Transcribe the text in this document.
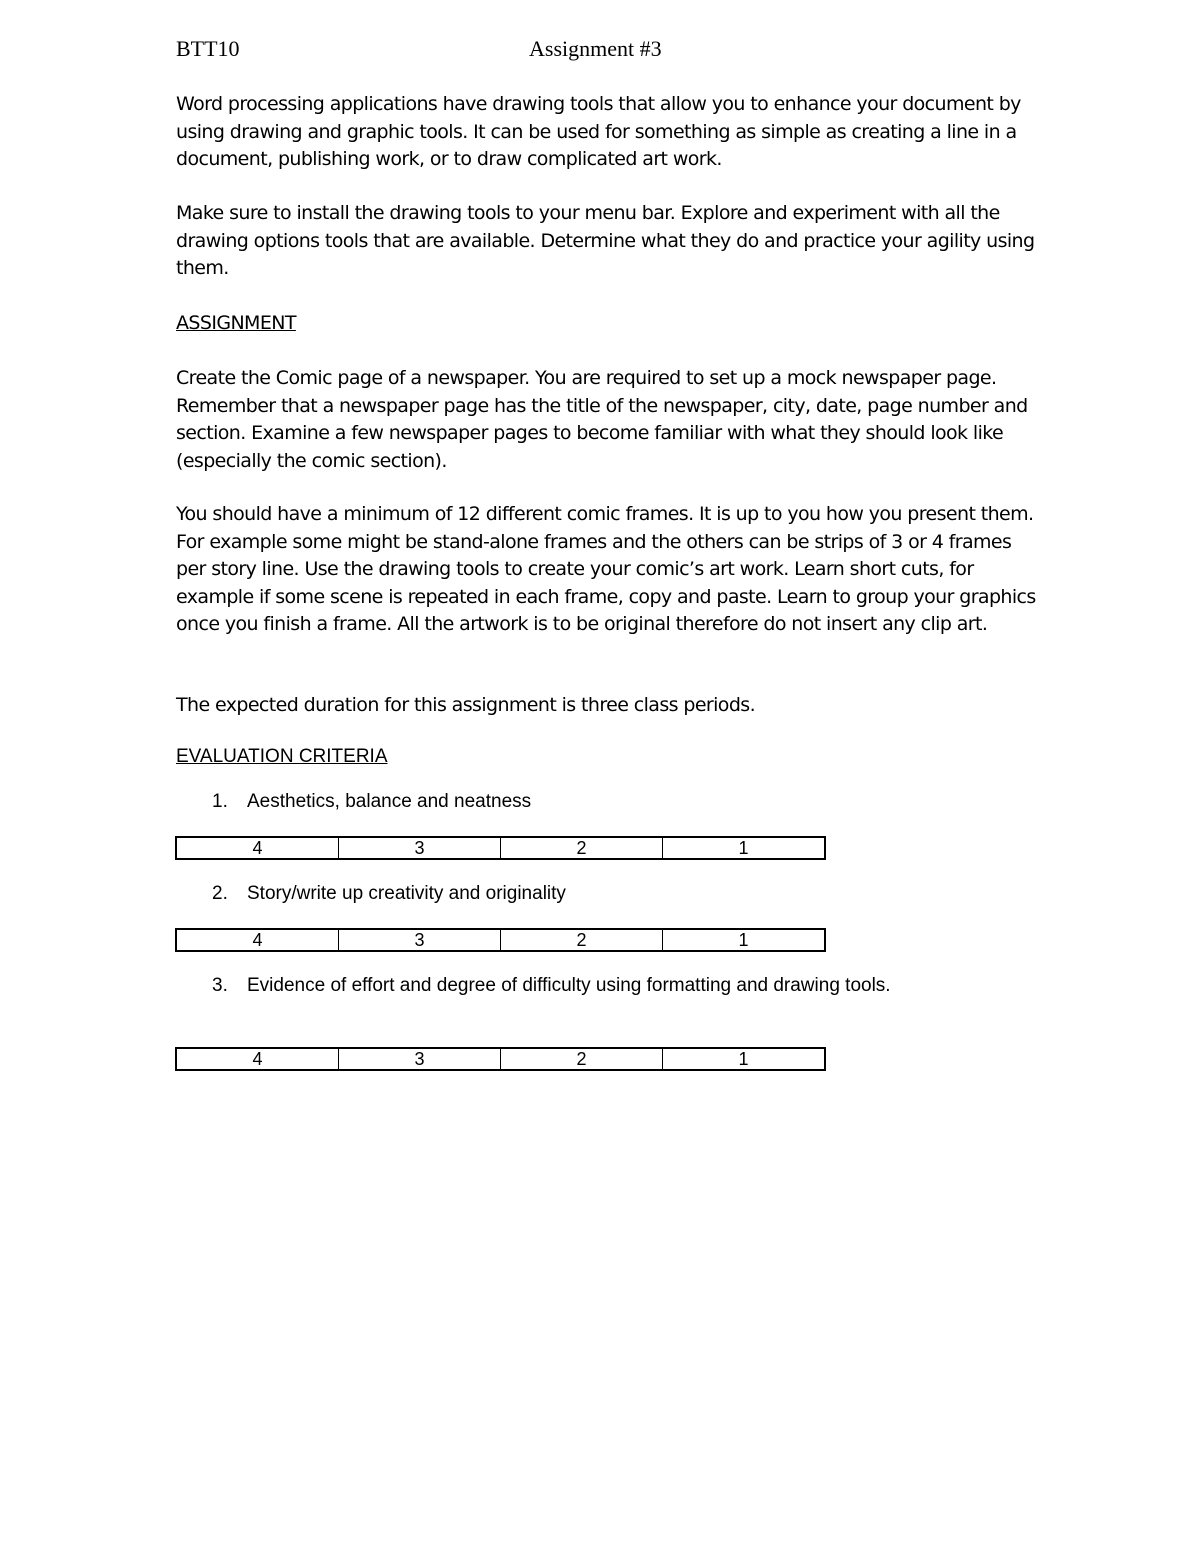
BTT10	Assignment #3

Word processing applications have drawing tools that allow you to enhance your document by using drawing and graphic tools. It can be used for something as simple as creating a line in a document, publishing work, or to draw complicated art work.

Make sure to install the drawing tools to your menu bar. Explore and experiment with all the drawing options tools that are available. Determine what they do and practice your agility using them.

ASSIGNMENT

Create the Comic page of a newspaper. You are required to set up a mock newspaper page. Remember that a newspaper page has the title of the newspaper, city, date, page number and section. Examine a few newspaper pages to become familiar with what they should look like (especially the comic section).

You should have a minimum of 12 different comic frames. It is up to you how you present them. For example some might be stand-alone frames and the others can be strips of 3 or 4 frames per story line. Use the drawing tools to create your comic’s art work. Learn short cuts, for example if some scene is repeated in each frame, copy and paste. Learn to group your graphics once you finish a frame. All the artwork is to be original therefore do not insert any clip art.

The expected duration for this assignment is three class periods.

EVALUATION CRITERIA

1. Aesthetics, balance and neatness

4	3	2	1

2. Story/write up creativity and originality

4	3	2	1

3. Evidence of effort and degree of difficulty using formatting and drawing tools.

4	3	2	1
